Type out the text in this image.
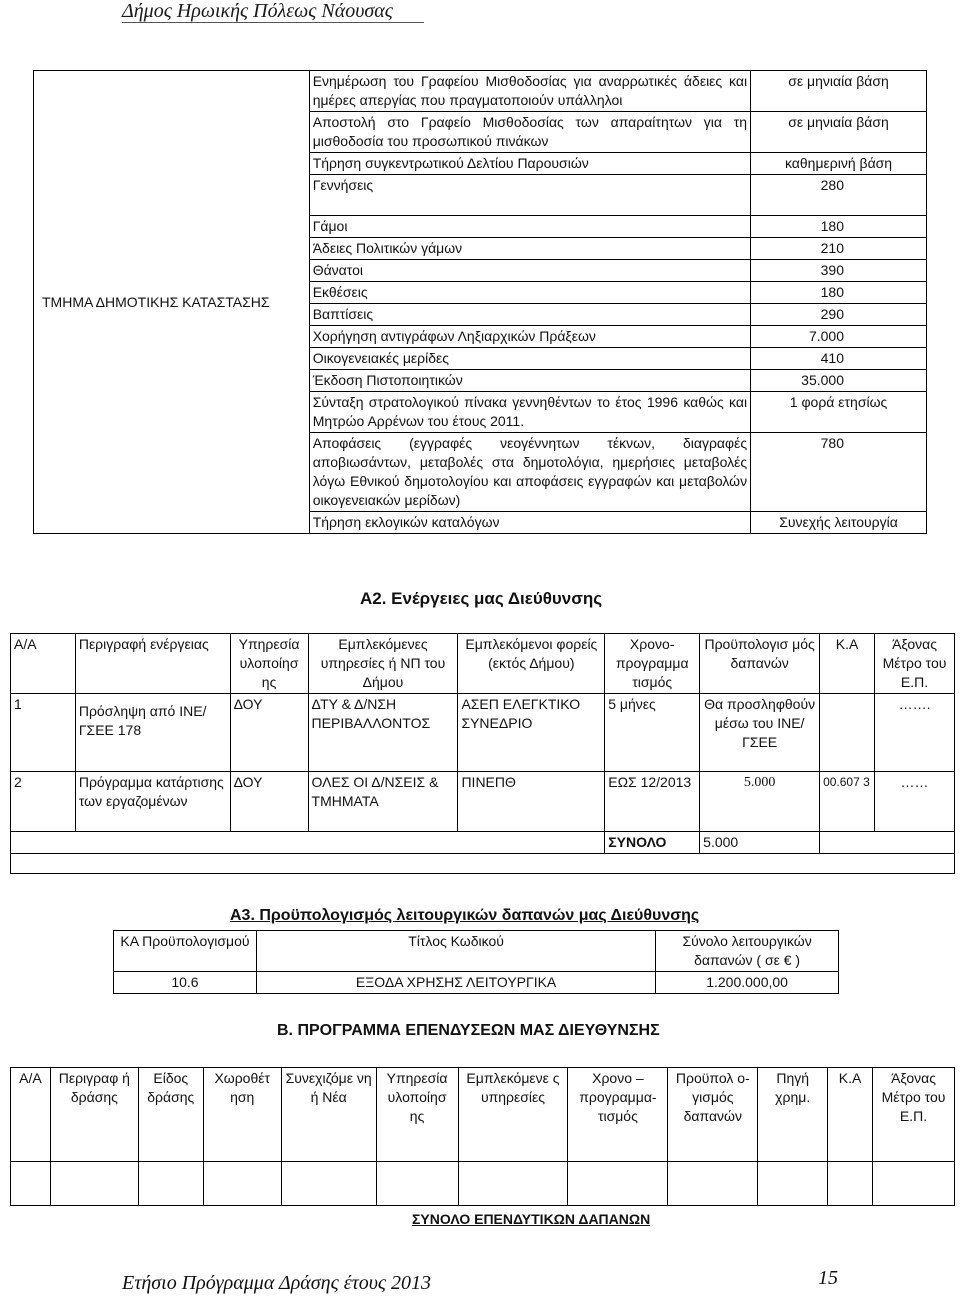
Δήμος Ηρωικής Πόλεως Νάουσας
ΤΜΗΜΑ ΔΗΜΟΤΙΚΗΣ ΚΑΤΑΣΤΑΣΗΣ	Ενημέρωση του Γραφείου Μισθοδοσίας για αναρρωτικές άδειες και ημέρες απεργίας που πραγματοποιούν υπάλληλοι	σε μηνιαία βάση
	Αποστολή στο Γραφείο Μισθοδοσίας των απαραίτητων για τη μισθοδοσία του προσωπικού πινάκων	σε μηνιαία βάση
	Τήρηση συγκεντρωτικού Δελτίου Παρουσιών	καθημερινή βάση
	Γεννήσεις	280
	Γάμοι	180
	Άδειες Πολιτικών γάμων	210
	Θάνατοι	390
	Εκθέσεις	180
	Βαπτίσεις	290
	Χορήγηση αντιγράφων Ληξιαρχικών Πράξεων	7.000
	Οικογενειακές μερίδες	410
	Έκδοση Πιστοποιητικών	35.000
	Σύνταξη στρατολογικού πίνακα γεννηθέντων το έτος 1996 καθώς και Μητρώο Αρρένων του έτους 2011.	1 φορά ετησίως
	Αποφάσεις (εγγραφές νεογέννητων τέκνων, διαγραφές αποβιωσάντων, μεταβολές στα δημοτολόγια, ημερήσιες μεταβολές λόγω Εθνικού δημοτολογίου και αποφάσεις εγγραφών και μεταβολών οικογενειακών μερίδων)	780
	Τήρηση εκλογικών καταλόγων	Συνεχής λειτουργία
Α2. Ενέργειες μας Διεύθυνσης
Α/Α	Περιγραφή ενέργειας	Υπηρεσία υλοποίησ ης	Εμπλεκόμενες υπηρεσίες ή ΝΠ του Δήμου	Εμπλεκόμενοι φορείς (εκτός Δήμου)	Χρονο-προγραμμα τισμός	Προϋπολογισ μός δαπανών	Κ.Α	Άξονας Μέτρο του Ε.Π.
1	Πρόσληψη από ΙΝΕ/ΓΣΕΕ 178	ΔΟΥ	ΔΤΥ & Δ/ΝΣΗ ΠΕΡΙΒΑΛΛΟΝΤΟΣ	ΑΣΕΠ ΕΛΕΓΚΤΙΚΟ ΣΥΝΕΔΡΙΟ	5 μήνες	Θα προσληφθούν μέσω του ΙΝΕ/ΓΣΕΕ		…….
2	Πρόγραμμα κατάρτισης των εργαζομένων	ΔΟΥ	ΟΛΕΣ ΟΙ Δ/ΝΣΕΙΣ & ΤΜΗΜΑΤΑ	ΠΙΝΕΠΘ	ΕΩΣ 12/2013	5.000	00.607 3	……
					ΣΥΝΟΛΟ	5.000		

Α3. Προϋπολογισμός λειτουργικών δαπανών μας Διεύθυνσης
ΚΑ Προϋπολογισμού	Τίτλος Κωδικού	Σύνολο λειτουργικών δαπανών ( σε € )
10.6	ΕΞΟΔΑ ΧΡΗΣΗΣ ΛΕΙΤΟΥΡΓΙΚΑ	1.200.000,00
Β. ΠΡΟΓΡΑΜΜΑ ΕΠΕΝΔΥΣΕΩΝ ΜΑΣ ΔΙΕΥΘΥΝΣΗΣ
Α/Α	Περιγραφ ή δράσης	Είδος δράσης	Χωροθέτ ηση	Συνεχιζόμε νη ή Νέα	Υπηρεσία υλοποίησ ης	Εμπλεκόμενε ς υπηρεσίες	Χρονο – προγραμμα-τισμός	Προϋπολ ο-γισμός δαπανών	Πηγή χρημ.	Κ.Α	Άξονας Μέτρο του Ε.Π.

ΣΥΝΟΛΟ ΕΠΕΝΔΥΤΙΚΩΝ ΔΑΠΑΝΩΝ
Ετήσιο Πρόγραμμα Δράσης έτους 2013	15
